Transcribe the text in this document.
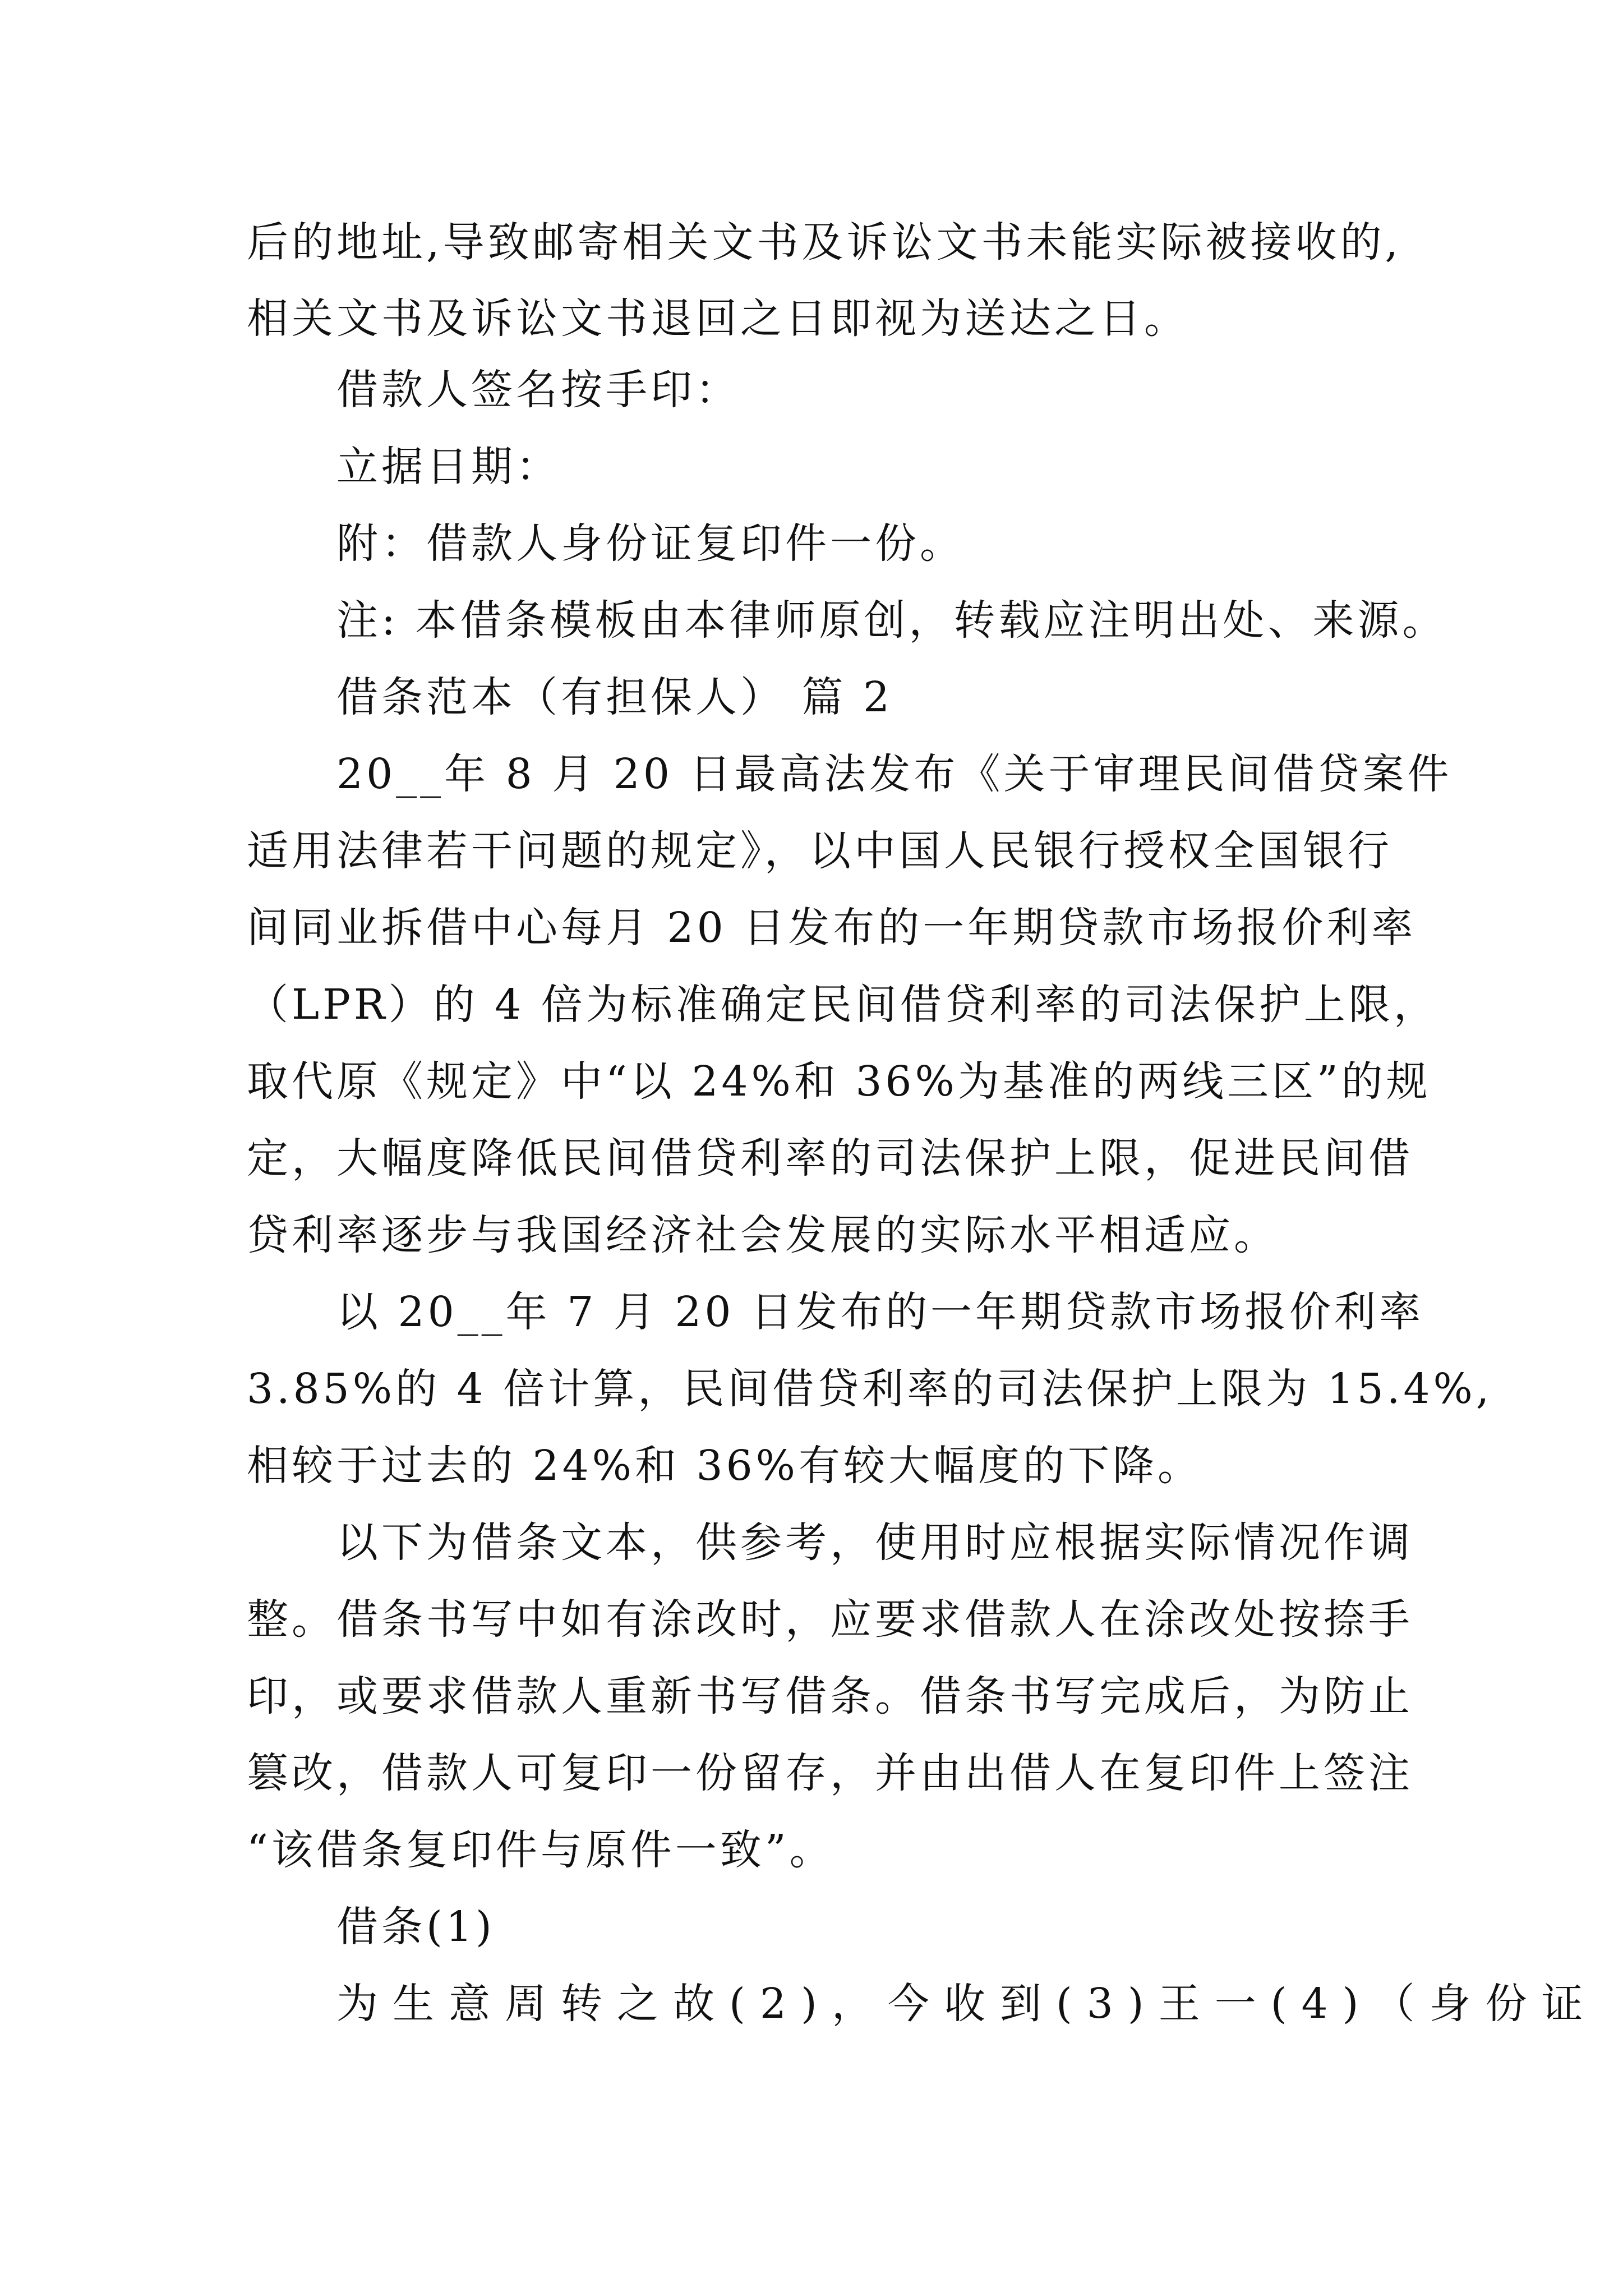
后的地址,导致邮寄相关文书及诉讼文书未能实际被接收的,
相关文书及诉讼文书退回之日即视为送达之日。
借款人签名按手印：
立据日期：
附：借款人身份证复印件一份。
注: 本借条模板由本律师原创，转载应注明出处、来源。
借条范本（有担保人） 篇 2
20__年 8 月 20 日最高法发布《关于审理民间借贷案件
适用法律若干问题的规定》，以中国人民银行授权全国银行
间同业拆借中心每月 20 日发布的一年期贷款市场报价利率
（LPR）的 4 倍为标准确定民间借贷利率的司法保护上限，
取代原《规定》中“以 24%和 36%为基准的两线三区”的规
定，大幅度降低民间借贷利率的司法保护上限，促进民间借
贷利率逐步与我国经济社会发展的实际水平相适应。
以 20__年 7 月 20 日发布的一年期贷款市场报价利率
3.85%的 4 倍计算，民间借贷利率的司法保护上限为 15.4%,
相较于过去的 24%和 36%有较大幅度的下降。
以下为借条文本，供参考，使用时应根据实际情况作调
整。借条书写中如有涂改时，应要求借款人在涂改处按捺手
印，或要求借款人重新书写借条。借条书写完成后，为防止
篡改，借款人可复印一份留存，并由出借人在复印件上签注
“该借条复印件与原件一致”。
借条(1)
为生意周转之故(2)，今收到(3)王一(4)（身份证
